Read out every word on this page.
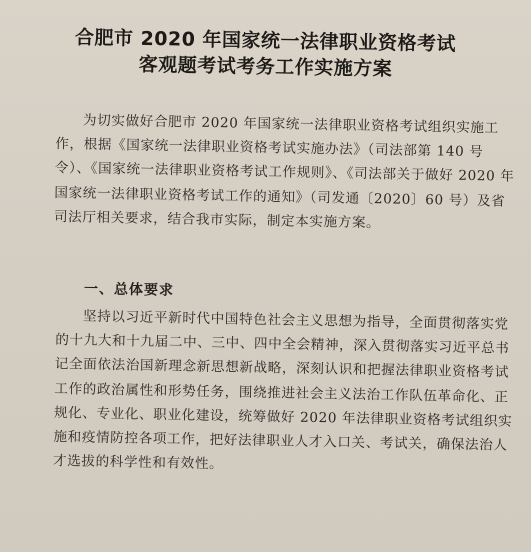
合肥市 2020 年国家统一法律职业资格考试
客观题考试考务工作实施方案
为切实做好合肥市 2020 年国家统一法律职业资格考试组织实施工作，根据《国家统一法律职业资格考试实施办法》（司法部第 140 号令）、《国家统一法律职业资格考试工作规则》、《司法部关于做好 2020 年国家统一法律职业资格考试工作的通知》（司发通〔2020〕60 号）及省司法厅相关要求，结合我市实际，制定本实施方案。
一、总体要求
坚持以习近平新时代中国特色社会主义思想为指导，全面贯彻落实党的十九大和十九届二中、三中、四中全会精神，深入贯彻落实习近平总书记全面依法治国新理念新思想新战略，深刻认识和把握法律职业资格考试工作的政治属性和形势任务，围绕推进社会主义法治工作队伍革命化、正规化、专业化、职业化建设，统筹做好 2020 年法律职业资格考试组织实施和疫情防控各项工作，把好法律职业人才入口关、考试关，确保法治人才选拔的科学性和有效性。
